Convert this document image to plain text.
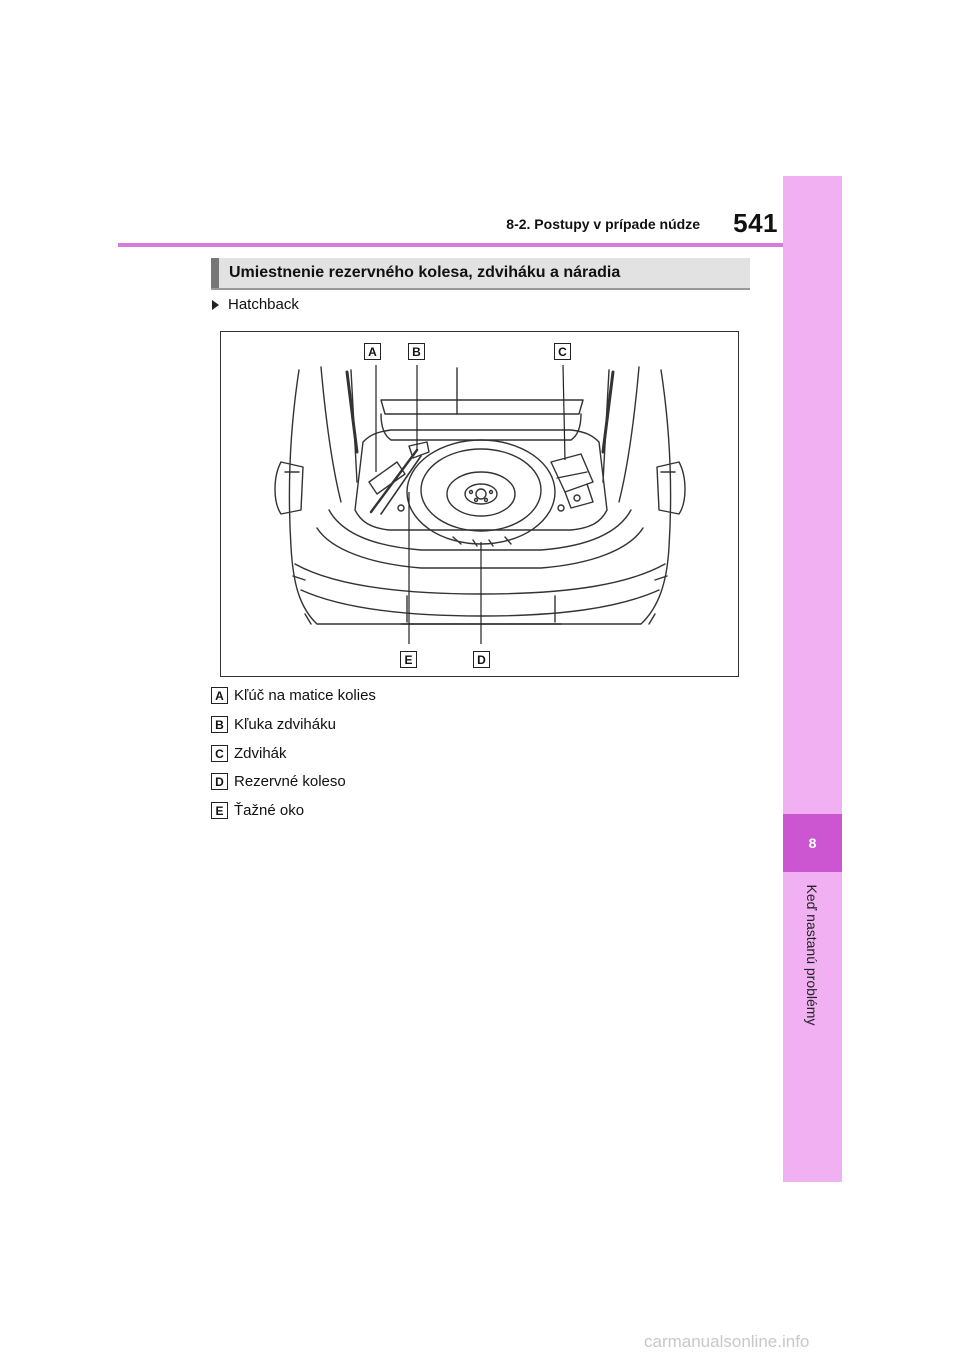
8
Keď nastanú problémy
8-2. Postupy v prípade núdze	541
Umiestnenie rezervného kolesa, zdviháku a náradia
Hatchback
A	B	C
E	D
A Kľúč na matice kolies
B Kľuka zdviháku
C Zdvihák
D Rezervné koleso
E Ťažné oko
carmanualsonline.info
